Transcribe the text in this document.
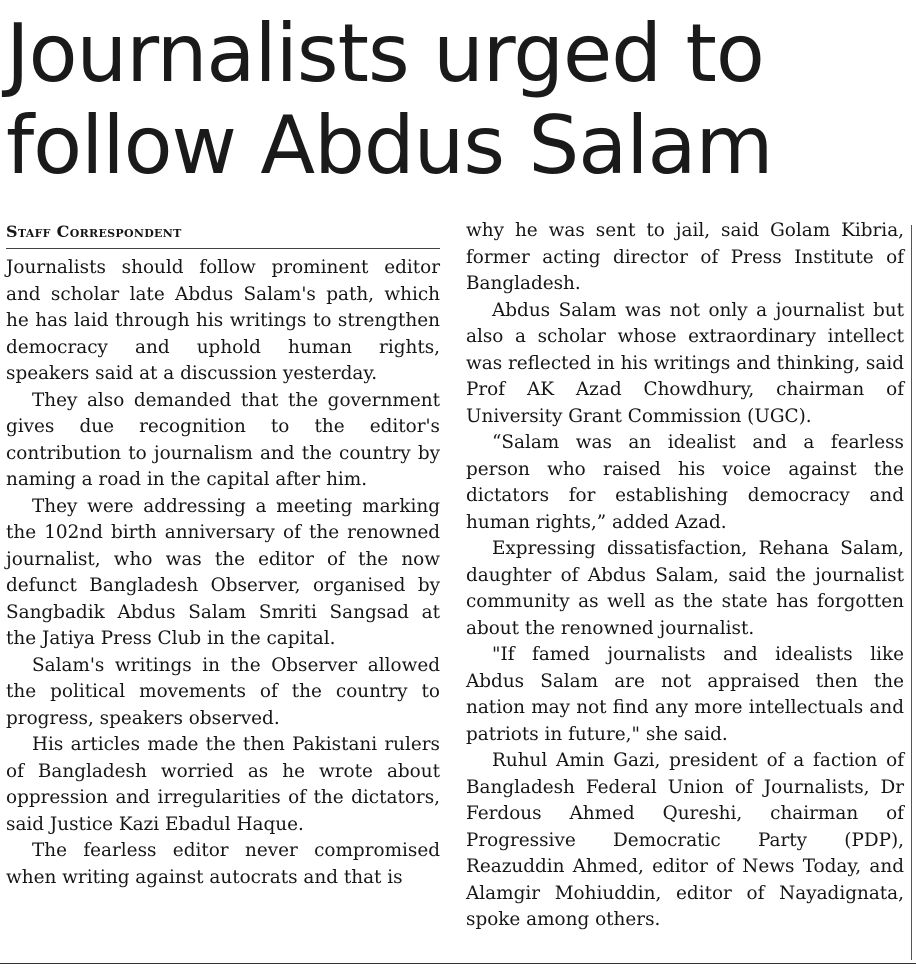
Journalists urged to follow Abdus Salam
Staff Correspondent

Journalists should follow prominent editor and scholar late Abdus Salam's path, which he has laid through his writings to strengthen democracy and uphold human rights, speakers said at a discussion yesterday.

They also demanded that the government gives due recognition to the editor's contribution to journalism and the country by naming a road in the capital after him.

They were addressing a meeting marking the 102nd birth anniversary of the renowned journalist, who was the editor of the now defunct Bangladesh Observer, organised by Sangbadik Abdus Salam Smriti Sangsad at the Jatiya Press Club in the capital.

Salam's writings in the Observer allowed the political movements of the country to progress, speakers observed.

His articles made the then Pakistani rulers of Bangladesh worried as he wrote about oppression and irregularities of the dictators, said Justice Kazi Ebadul Haque.

The fearless editor never compromised when writing against autocrats and that is

why he was sent to jail, said Golam Kibria, former acting director of Press Institute of Bangladesh.

Abdus Salam was not only a journalist but also a scholar whose extraordinary intellect was reflected in his writings and thinking, said Prof AK Azad Chowdhury, chairman of University Grant Commission (UGC).

“Salam was an idealist and a fearless person who raised his voice against the dictators for establishing democracy and human rights,” added Azad.

Expressing dissatisfaction, Rehana Salam, daughter of Abdus Salam, said the journalist community as well as the state has forgotten about the renowned journalist.

"If famed journalists and idealists like Abdus Salam are not appraised then the nation may not find any more intellectuals and patriots in future," she said.

Ruhul Amin Gazi, president of a faction of Bangladesh Federal Union of Journalists, Dr Ferdous Ahmed Qureshi, chairman of Progressive Democratic Party (PDP), Reazuddin Ahmed, editor of News Today, and Alamgir Mohiuddin, editor of Nayadignata, spoke among others.
